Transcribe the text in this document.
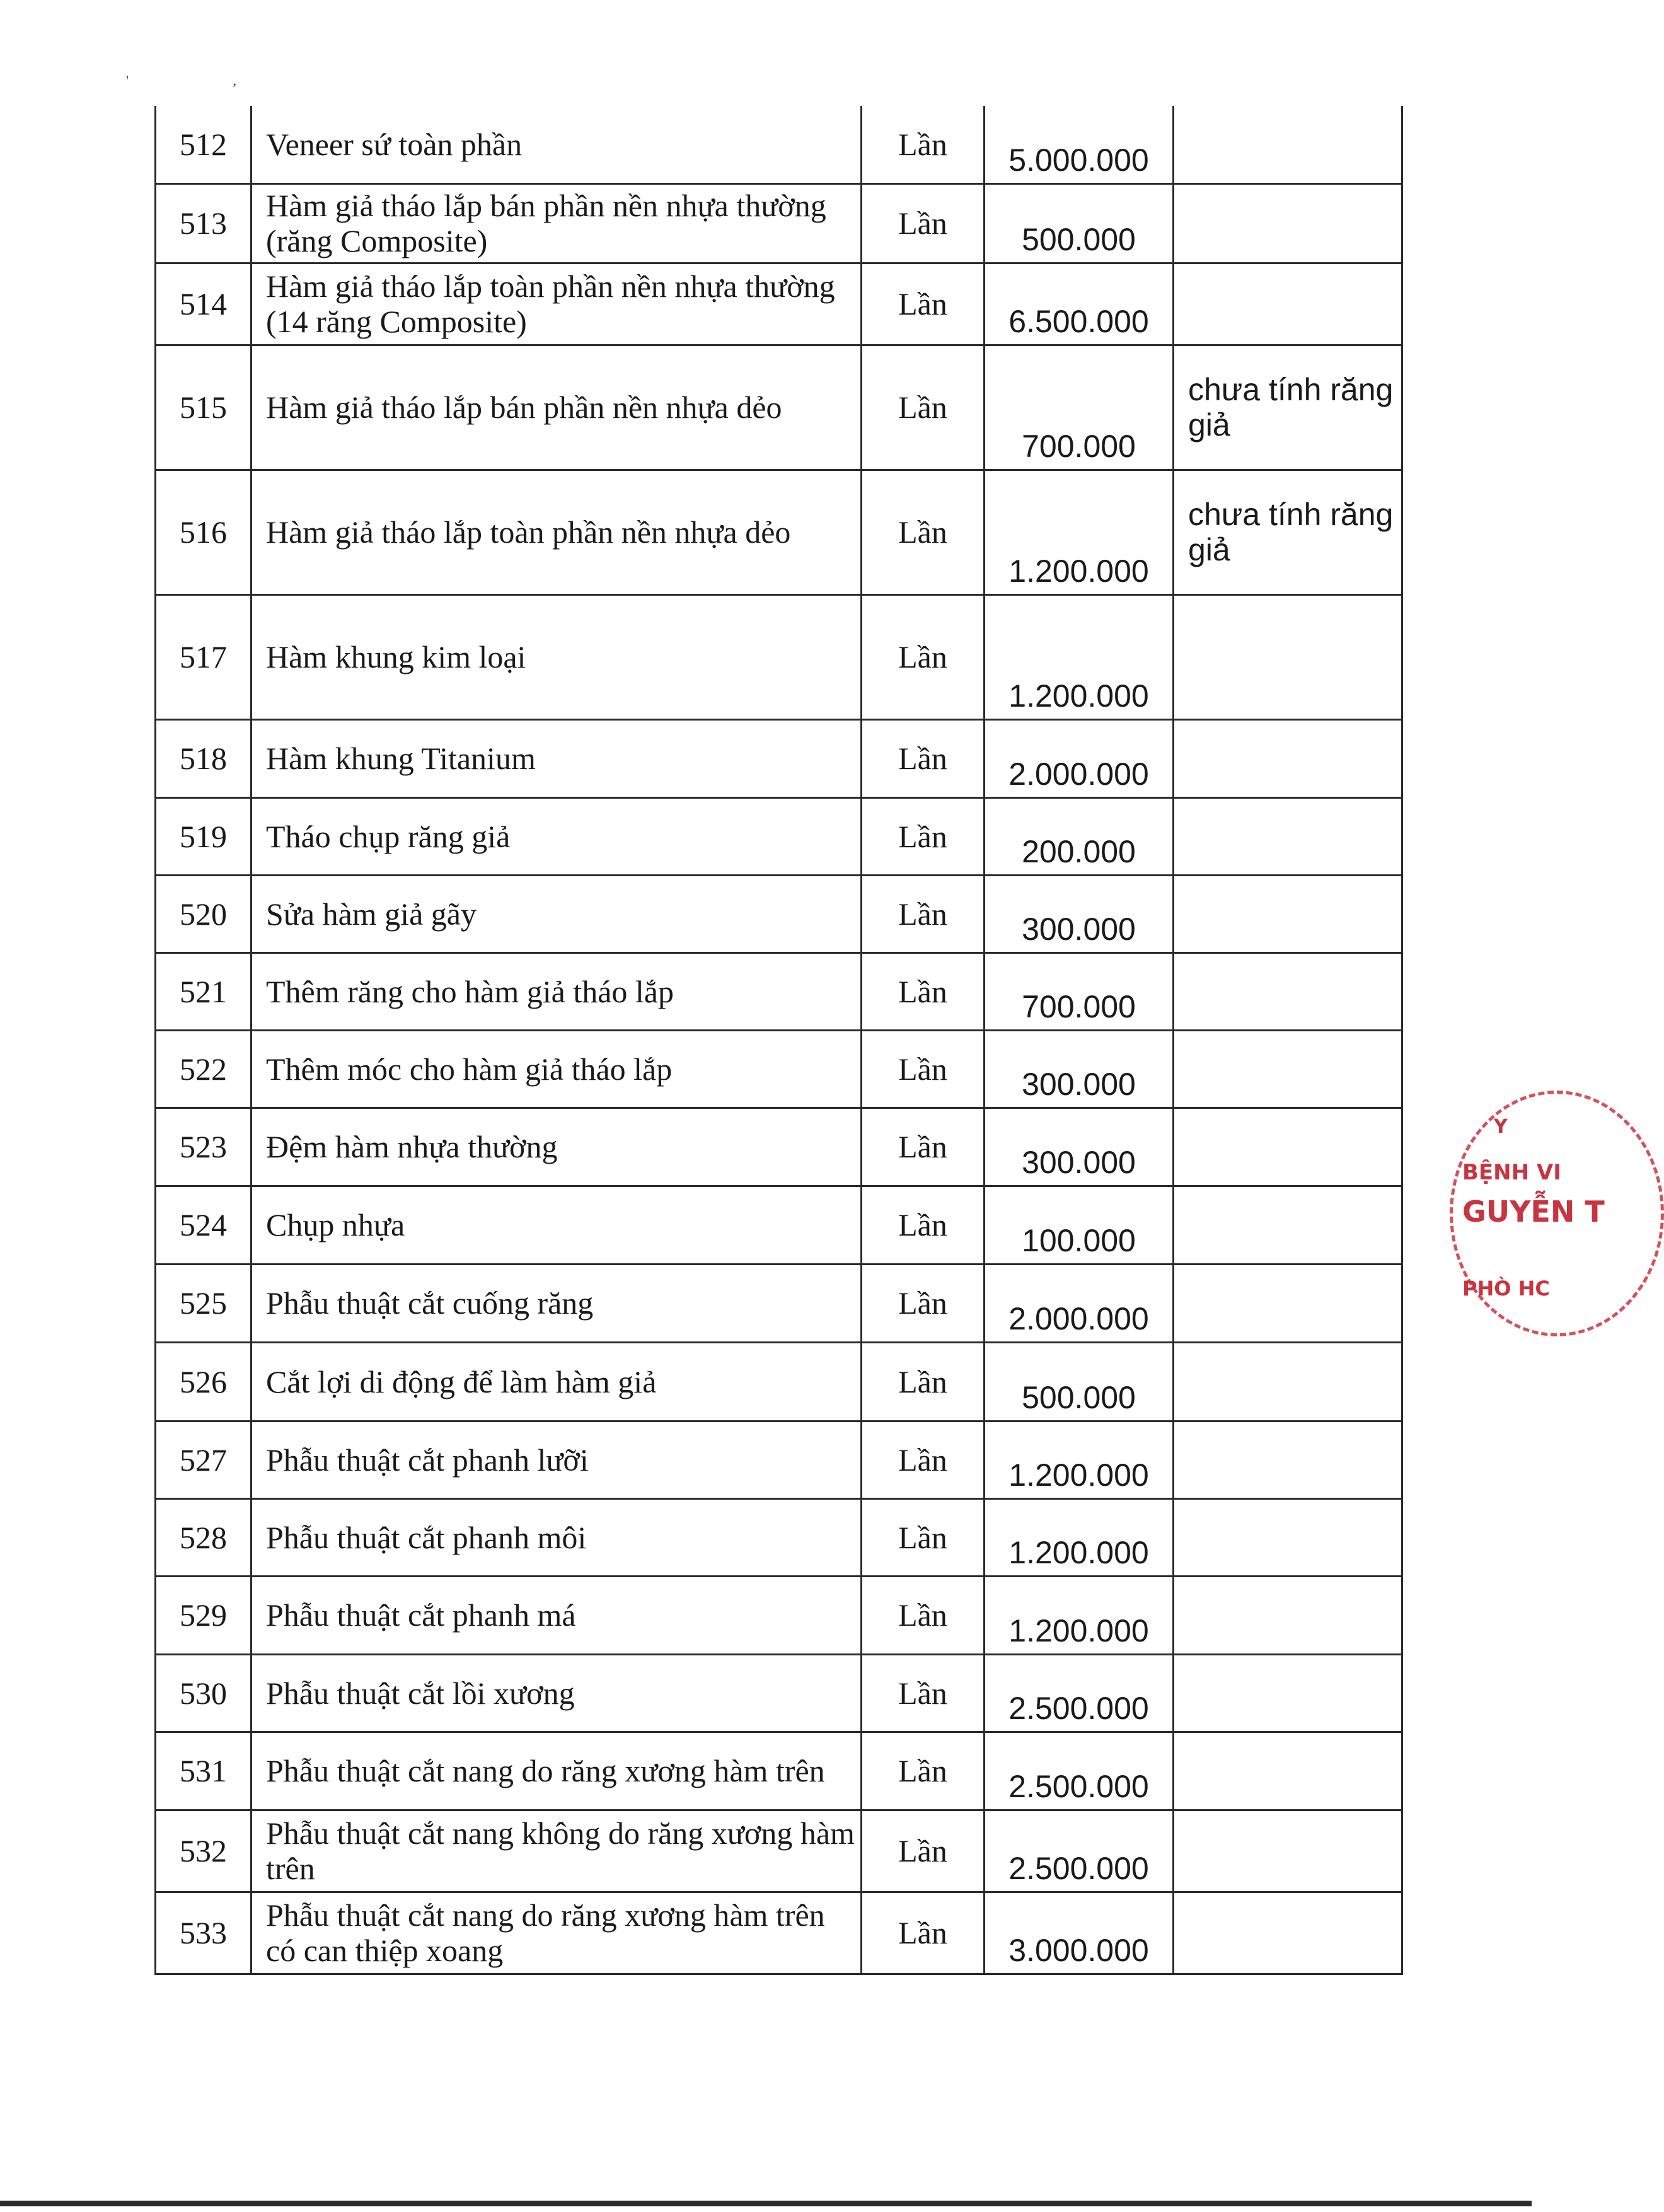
' ,
512	Veneer sứ toàn phần	Lần	5.000.000	
513	Hàm giả tháo lắp bán phần nền nhựa thường (răng Composite)	Lần	500.000	
514	Hàm giả tháo lắp toàn phần nền nhựa thường (14 răng Composite)	Lần	6.500.000	
515	Hàm giả tháo lắp bán phần nền nhựa dẻo	Lần	700.000	chưa tính răng giả
516	Hàm giả tháo lắp toàn phần nền nhựa dẻo	Lần	1.200.000	chưa tính răng giả
517	Hàm khung kim loại	Lần	1.200.000	
518	Hàm khung Titanium	Lần	2.000.000	
519	Tháo chụp răng giả	Lần	200.000	
520	Sửa hàm giả gãy	Lần	300.000	
521	Thêm răng cho hàm giả tháo lắp	Lần	700.000	
522	Thêm móc cho hàm giả tháo lắp	Lần	300.000	
523	Đệm hàm nhựa thường	Lần	300.000	
524	Chụp nhựa	Lần	100.000	
525	Phẫu thuật cắt cuống răng	Lần	2.000.000	
526	Cắt lợi di động để làm hàm giả	Lần	500.000	
527	Phẫu thuật cắt phanh lưỡi	Lần	1.200.000	
528	Phẫu thuật cắt phanh môi	Lần	1.200.000	
529	Phẫu thuật cắt phanh má	Lần	1.200.000	
530	Phẫu thuật cắt lồi xương	Lần	2.500.000	
531	Phẫu thuật cắt nang do răng xương hàm trên	Lần	2.500.000	
532	Phẫu thuật cắt nang không do răng xương hàm trên	Lần	2.500.000	
533	Phẫu thuật cắt nang do răng xương hàm trên có can thiệp xoang	Lần	3.000.000	
Y
BỆNH VI
GUYỄN T
PHÒ HC
